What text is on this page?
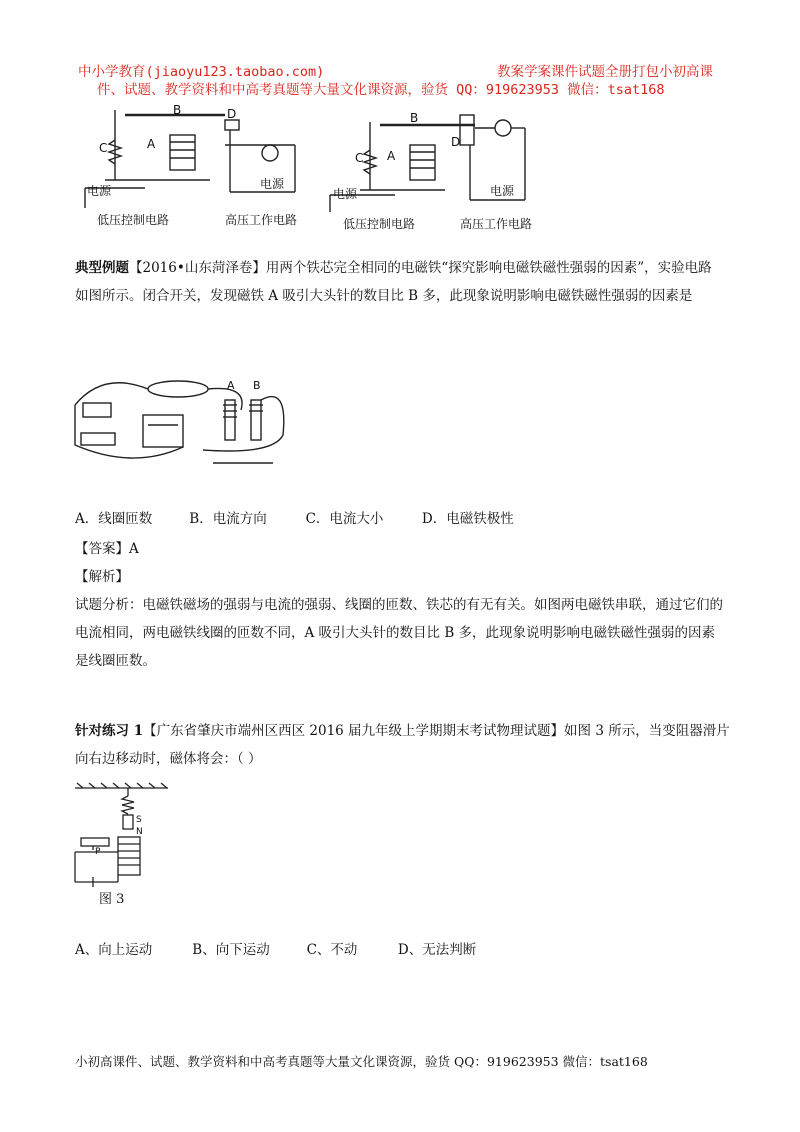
中小学教育(jiaoyu123.taobao.com)	教案学案课件试题全册打包小初高课
件、试题、教学资料和中高考真题等大量文化课资源，验货 QQ：919623953 微信：tsat168
B
A
C
D
电源	电源
低压控制电路	高压工作电路
B
A
C
D
电源	电源
低压控制电路	高压工作电路
典型例题【2016•山东菏泽卷】用两个铁芯完全相同的电磁铁“探究影响电磁铁磁性强弱的因素”，实验电路
如图所示。闭合开关，发现磁铁 A 吸引大头针的数目比 B 多，此现象说明影响电磁铁磁性强弱的因素是
A B
A．线圈匝数	B．电流方向	C．电流大小	D．电磁铁极性
【答案】A
【解析】
试题分析：电磁铁磁场的强弱与电流的强弱、线圈的匝数、铁芯的有无有关。如图两电磁铁串联，通过它们的
电流相同，两电磁铁线圈的匝数不同，A 吸引大头针的数目比 B 多，此现象说明影响电磁铁磁性强弱的因素
是线圈匝数。
针对练习 1【广东省肇庆市端州区西区 2016 届九年级上学期期末考试物理试题】如图 3 所示，当变阻器滑片
向右边移动时，磁体将会：（ ）
S
N
P
图 3
A、向上运动	B、向下运动	C、不动	D、无法判断
小初高课件、试题、教学资料和中高考真题等大量文化课资源，验货 QQ：919623953 微信：tsat168
